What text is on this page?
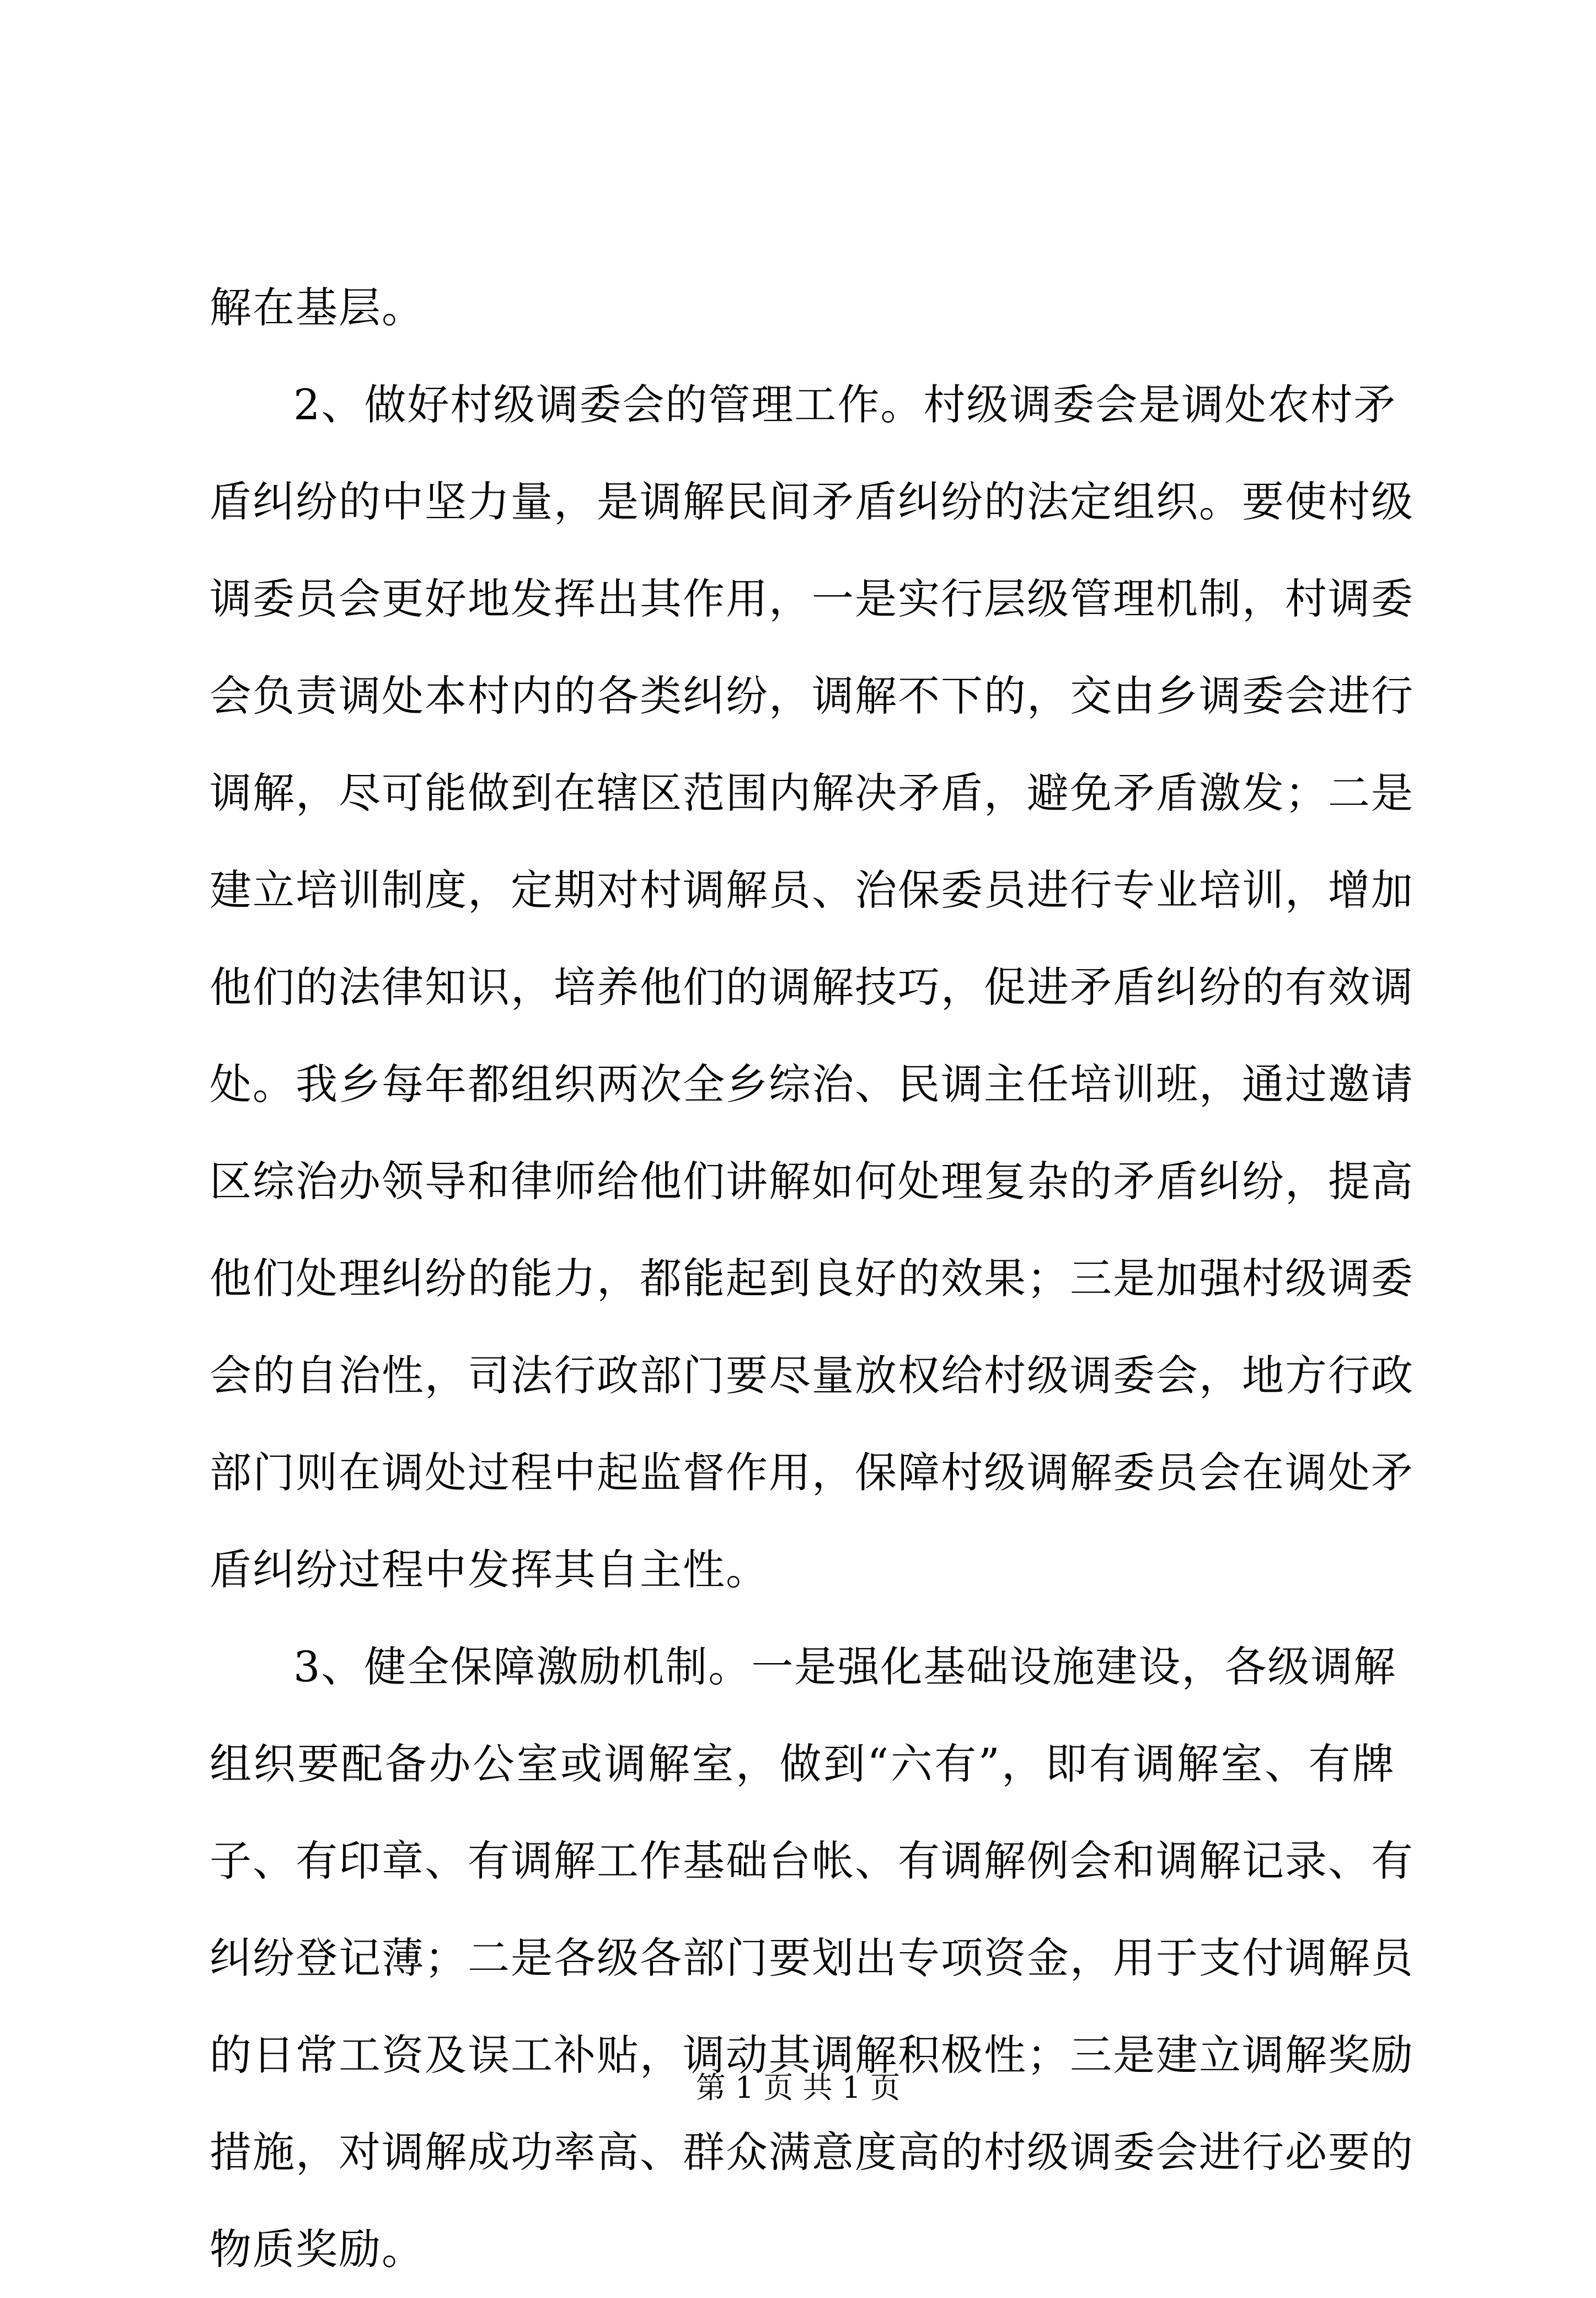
解在基层。
2、做好村级调委会的管理工作。村级调委会是调处农村矛
盾纠纷的中坚力量，是调解民间矛盾纠纷的法定组织。要使村级
调委员会更好地发挥出其作用，一是实行层级管理机制，村调委
会负责调处本村内的各类纠纷，调解不下的，交由乡调委会进行
调解，尽可能做到在辖区范围内解决矛盾，避免矛盾激发；二是
建立培训制度，定期对村调解员、治保委员进行专业培训，增加
他们的法律知识，培养他们的调解技巧，促进矛盾纠纷的有效调
处。我乡每年都组织两次全乡综治、民调主任培训班，通过邀请
区综治办领导和律师给他们讲解如何处理复杂的矛盾纠纷，提高
他们处理纠纷的能力，都能起到良好的效果；三是加强村级调委
会的自治性，司法行政部门要尽量放权给村级调委会，地方行政
部门则在调处过程中起监督作用，保障村级调解委员会在调处矛
盾纠纷过程中发挥其自主性。
3、健全保障激励机制。一是强化基础设施建设，各级调解
组织要配备办公室或调解室，做到“六有”，即有调解室、有牌
子、有印章、有调解工作基础台帐、有调解例会和调解记录、有
纠纷登记薄；二是各级各部门要划出专项资金，用于支付调解员
的日常工资及误工补贴，调动其调解积极性；三是建立调解奖励
措施，对调解成功率高、群众满意度高的村级调委会进行必要的
物质奖励。
第 1 页 共 1 页
